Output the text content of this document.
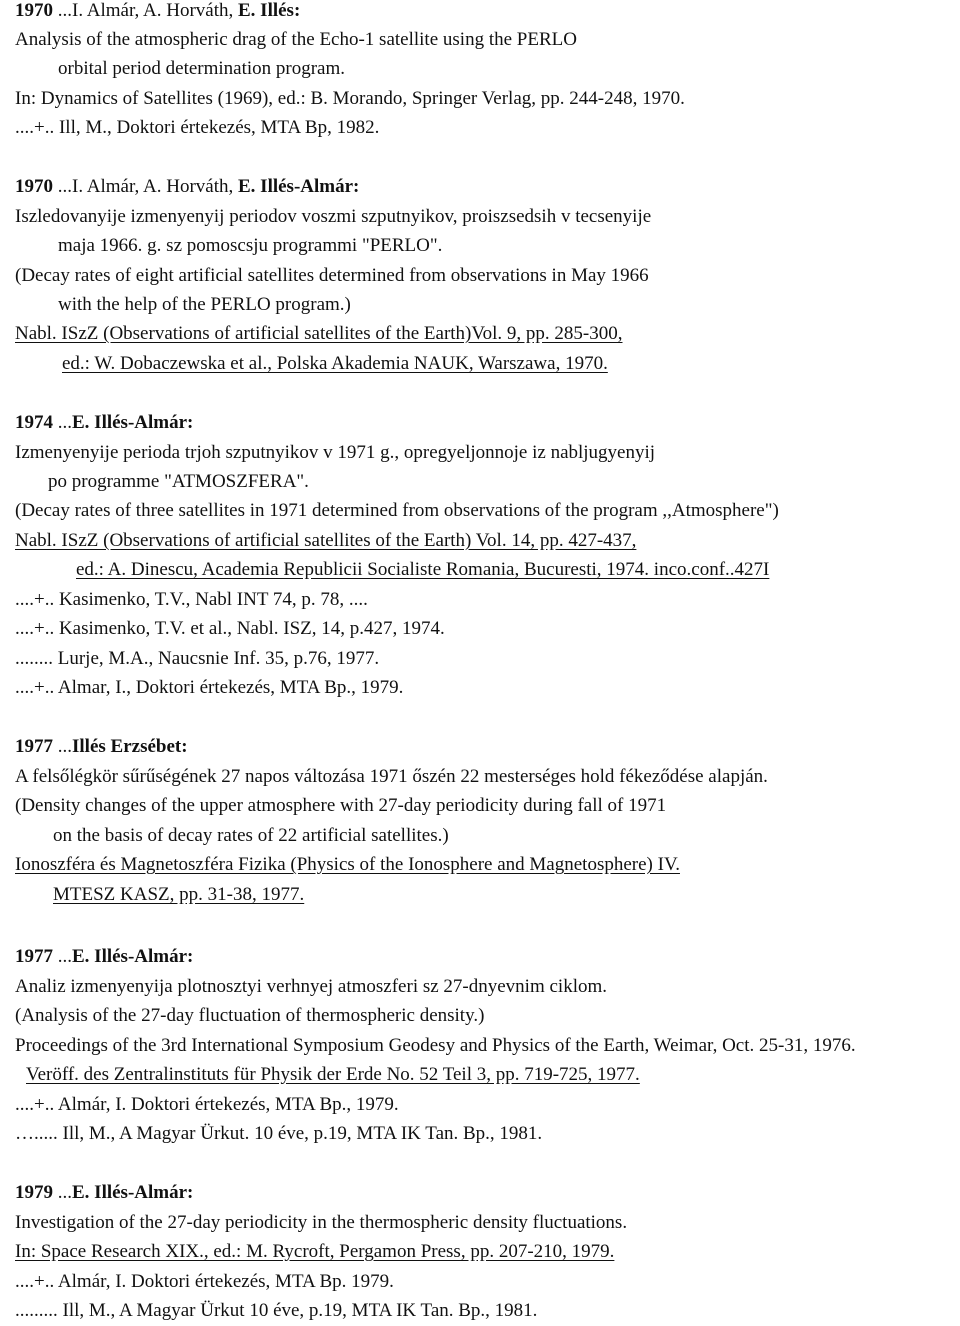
1970 ...I. Almár, A. Horváth, E. Illés:
Analysis of the atmospheric drag of the Echo-1 satellite using the PERLO
orbital period determination program.
In: Dynamics of Satellites (1969), ed.: B. Morando, Springer Verlag, pp. 244-248, 1970.
....+.. Ill, M., Doktori értekezés, MTA Bp, 1982.
1970 ...I. Almár, A. Horváth, E. Illés-Almár:
Iszledovanyije izmenyenyij periodov voszmi szputnyikov, proiszsedsih v tecsenyije
maja 1966. g. sz pomoscsju programmi "PERLO".
(Decay rates of eight artificial satellites determined from observations in May 1966
with the help of the PERLO program.)
Nabl. ISzZ (Observations of artificial satellites of the Earth)Vol. 9, pp. 285-300,
ed.: W. Dobaczewska et al., Polska Akademia NAUK, Warszawa, 1970.
1974 ...E. Illés-Almár:
Izmenyenyije perioda trjoh szputnyikov v 1971 g., opregyeljonnoje iz nabljugyenyij
po programme "ATMOSZFERA".
(Decay rates of three satellites in 1971 determined from observations of the program ,,Atmosphere")
Nabl. ISzZ (Observations of artificial satellites of the Earth) Vol. 14, pp. 427-437,
ed.: A. Dinescu, Academia Republicii Socialiste Romania, Bucuresti, 1974. inco.conf..427I
....+.. Kasimenko, T.V., Nabl INT 74, p. 78, ....
....+.. Kasimenko, T.V. et al., Nabl. ISZ, 14, p.427, 1974.
........ Lurje, M.A., Naucsnie Inf. 35, p.76, 1977.
....+.. Almar, I., Doktori értekezés, MTA Bp., 1979.
1977 ...Illés Erzsébet:
A felsőlégkör sűrűségének 27 napos változása 1971 őszén 22 mesterséges hold fékeződése alapján.
(Density changes of the upper atmosphere with 27-day periodicity during fall of 1971
on the basis of decay rates of 22 artificial satellites.)
Ionoszféra és Magnetoszféra Fizika (Physics of the Ionosphere and Magnetosphere) IV.
MTESZ KASZ, pp. 31-38, 1977.
1977 ...E. Illés-Almár:
Analiz izmenyenyija plotnosztyi verhnyej atmoszferi sz 27-dnyevnim ciklom.
(Analysis of the 27-day fluctuation of thermospheric density.)
Proceedings of the 3rd International Symposium Geodesy and Physics of the Earth, Weimar, Oct. 25-31, 1976.
Veröff. des Zentralinstituts für Physik der Erde No. 52 Teil 3, pp. 719-725, 1977.
....+.. Almár, I. Doktori értekezés, MTA Bp., 1979.
…..... Ill, M., A Magyar Ürkut. 10 éve, p.19, MTA IK Tan. Bp., 1981.
1979 ...E. Illés-Almár:
Investigation of the 27-day periodicity in the thermospheric density fluctuations.
In: Space Research XIX., ed.: M. Rycroft, Pergamon Press, pp. 207-210, 1979.
....+.. Almár, I. Doktori értekezés, MTA Bp. 1979.
......... Ill, M., A Magyar Ürkut 10 éve, p.19, MTA IK Tan. Bp., 1981.
